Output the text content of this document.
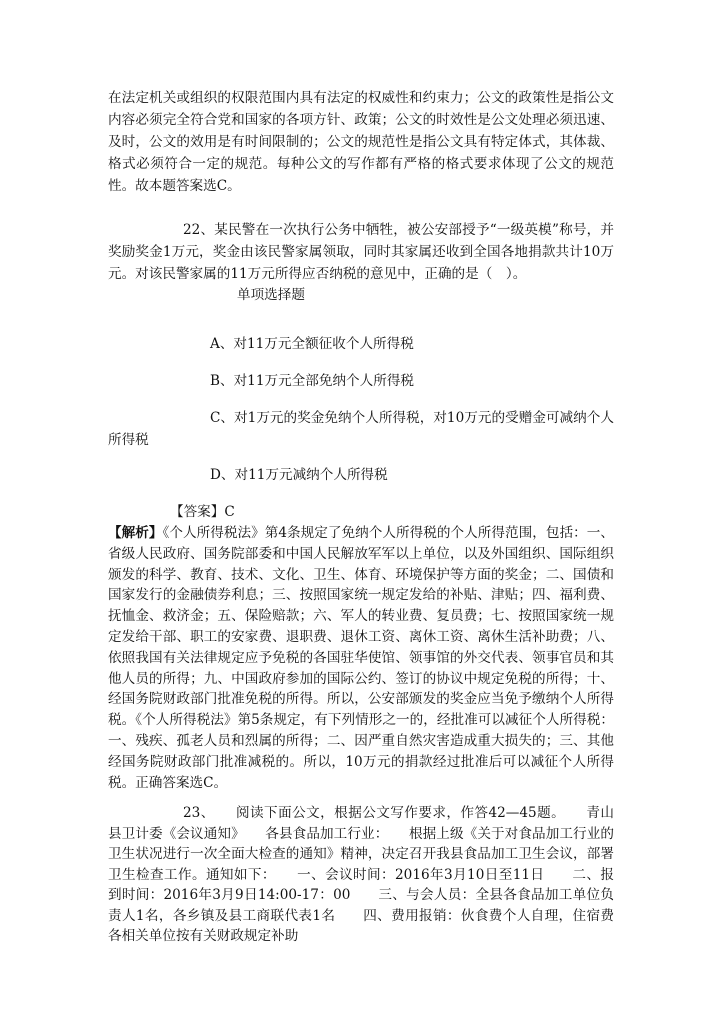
在法定机关或组织的权限范围内具有法定的权威性和约束力；公文的政策性是指公文内容必须完全符合党和国家的各项方针、政策；公文的时效性是公文处理必须迅速、及时，公文的效用是有时间限制的；公文的规范性是指公文具有特定体式，其体裁、格式必须符合一定的规范。每种公文的写作都有严格的格式要求体现了公文的规范性。故本题答案选C。
22、某民警在一次执行公务中牺牲，被公安部授予“一级英模”称号，并奖励奖金1万元，奖金由该民警家属领取，同时其家属还收到全国各地捐款共计10万元。对该民警家属的11万元所得应否纳税的意见中，正确的是（　）。
单项选择题
A、对11万元全额征收个人所得税
B、对11万元全部免纳个人所得税
C、对1万元的奖金免纳个人所得税，对10万元的受赠金可减纳个人所得税
D、对11万元减纳个人所得税
【答案】C
【解析】《个人所得税法》第4条规定了免纳个人所得税的个人所得范围，包括：一、省级人民政府、国务院部委和中国人民解放军军以上单位，以及外国组织、国际组织颁发的科学、教育、技术、文化、卫生、体育、环境保护等方面的奖金；二、国债和国家发行的金融债券利息；三、按照国家统一规定发给的补贴、津贴；四、福利费、抚恤金、救济金；五、保险赔款；六、军人的转业费、复员费；七、按照国家统一规定发给干部、职工的安家费、退职费、退休工资、离休工资、离休生活补助费；八、依照我国有关法律规定应予免税的各国驻华使馆、领事馆的外交代表、领事官员和其他人员的所得；九、中国政府参加的国际公约、签订的协议中规定免税的所得；十、经国务院财政部门批准免税的所得。所以，公安部颁发的奖金应当免予缴纳个人所得税。《个人所得税法》第5条规定，有下列情形之一的，经批准可以减征个人所得税：一、残疾、孤老人员和烈属的所得；二、因严重自然灾害造成重大损失的；三、其他经国务院财政部门批准减税的。所以，10万元的捐款经过批准后可以减征个人所得税。正确答案选C。
23、　　阅读下面公文，根据公文写作要求，作答42—45题。　　青山县卫计委《会议通知》　　各县食品加工行业：　　根据上级《关于对食品加工行业的卫生状况进行一次全面大检查的通知》精神，决定召开我县食品加工卫生会议，部署卫生检查工作。通知如下：　　一、会议时间：2016年3月10日至11日　　二、报到时间：2016年3月9日14:00-17：00　　三、与会人员：全县各食品加工单位负责人1名，各乡镇及县工商联代表1名　　四、费用报销：伙食费个人自理，住宿费各相关单位按有关财政规定补助
